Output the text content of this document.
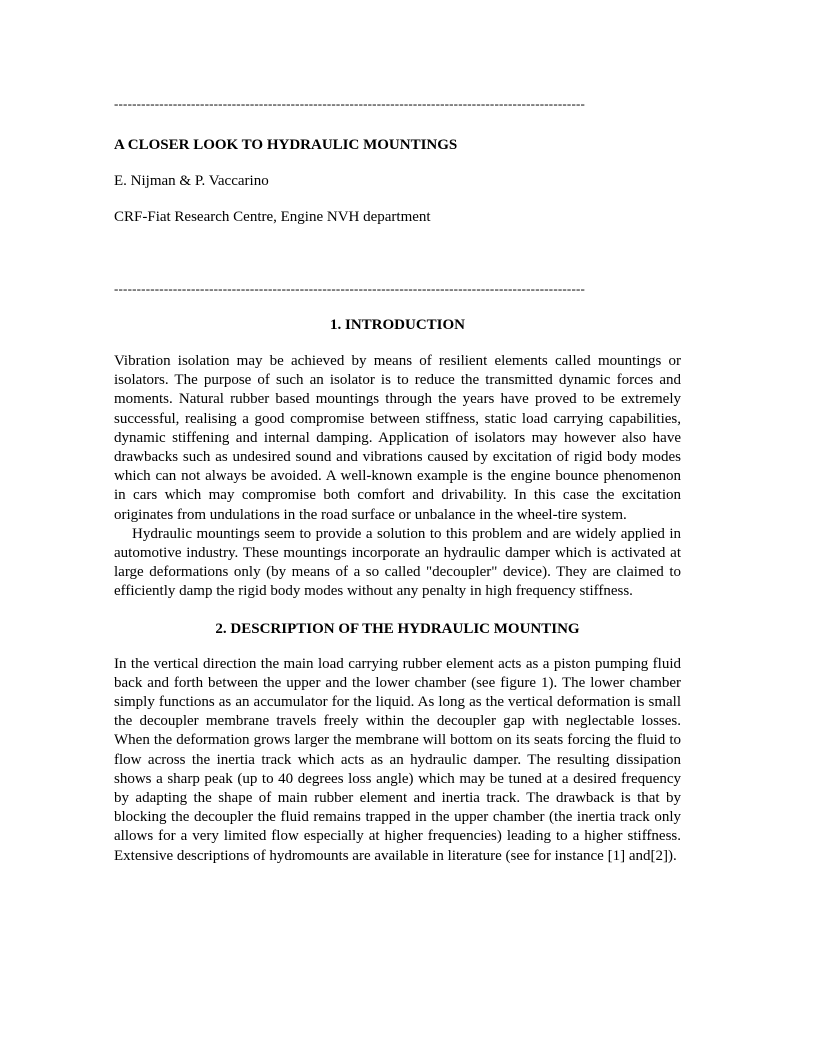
--------------------------------------------------------------------------------------------------------
A CLOSER LOOK TO HYDRAULIC MOUNTINGS
E. Nijman & P. Vaccarino
CRF-Fiat Research Centre, Engine NVH department
--------------------------------------------------------------------------------------------------------
1. INTRODUCTION

Vibration isolation may be achieved by means of resilient elements called mountings or isolators. The purpose of such an isolator is to reduce the transmitted dynamic forces and moments. Natural rubber based mountings through the years have proved to be extremely successful, realising a good compromise between stiffness, static load carrying capabilities, dynamic stiffening and internal damping. Application of isolators may however also have drawbacks such as undesired sound and vibrations caused by excitation of rigid body modes which can not always be avoided. A well-known example is the engine bounce phenomenon in cars which may compromise both comfort and drivability. In this case the excitation originates from undulations in the road surface or unbalance in the wheel-tire system.

Hydraulic mountings seem to provide a solution to this problem and are widely applied in automotive industry. These mountings incorporate an hydraulic damper which is activated at large deformations only (by means of a so called "decoupler" device). They are claimed to efficiently damp the rigid body modes without any penalty in high frequency stiffness.

2. DESCRIPTION OF THE HYDRAULIC MOUNTING

In the vertical direction the main load carrying rubber element acts as a piston pumping fluid back and forth between the upper and the lower chamber (see figure 1). The lower chamber simply functions as an accumulator for the liquid. As long as the vertical deformation is small the decoupler membrane travels freely within the decoupler gap with neglectable losses. When the deformation grows larger the membrane will bottom on its seats forcing the fluid to flow across the inertia track which acts as an hydraulic damper. The resulting dissipation shows a sharp peak (up to 40 degrees loss angle) which may be tuned at a desired frequency by adapting the shape of main rubber element and inertia track. The drawback is that by blocking the decoupler the fluid remains trapped in the upper chamber (the inertia track only allows for a very limited flow especially at higher frequencies) leading to a higher stiffness. Extensive descriptions of hydromounts are available in literature (see for instance [1] and[2]).
